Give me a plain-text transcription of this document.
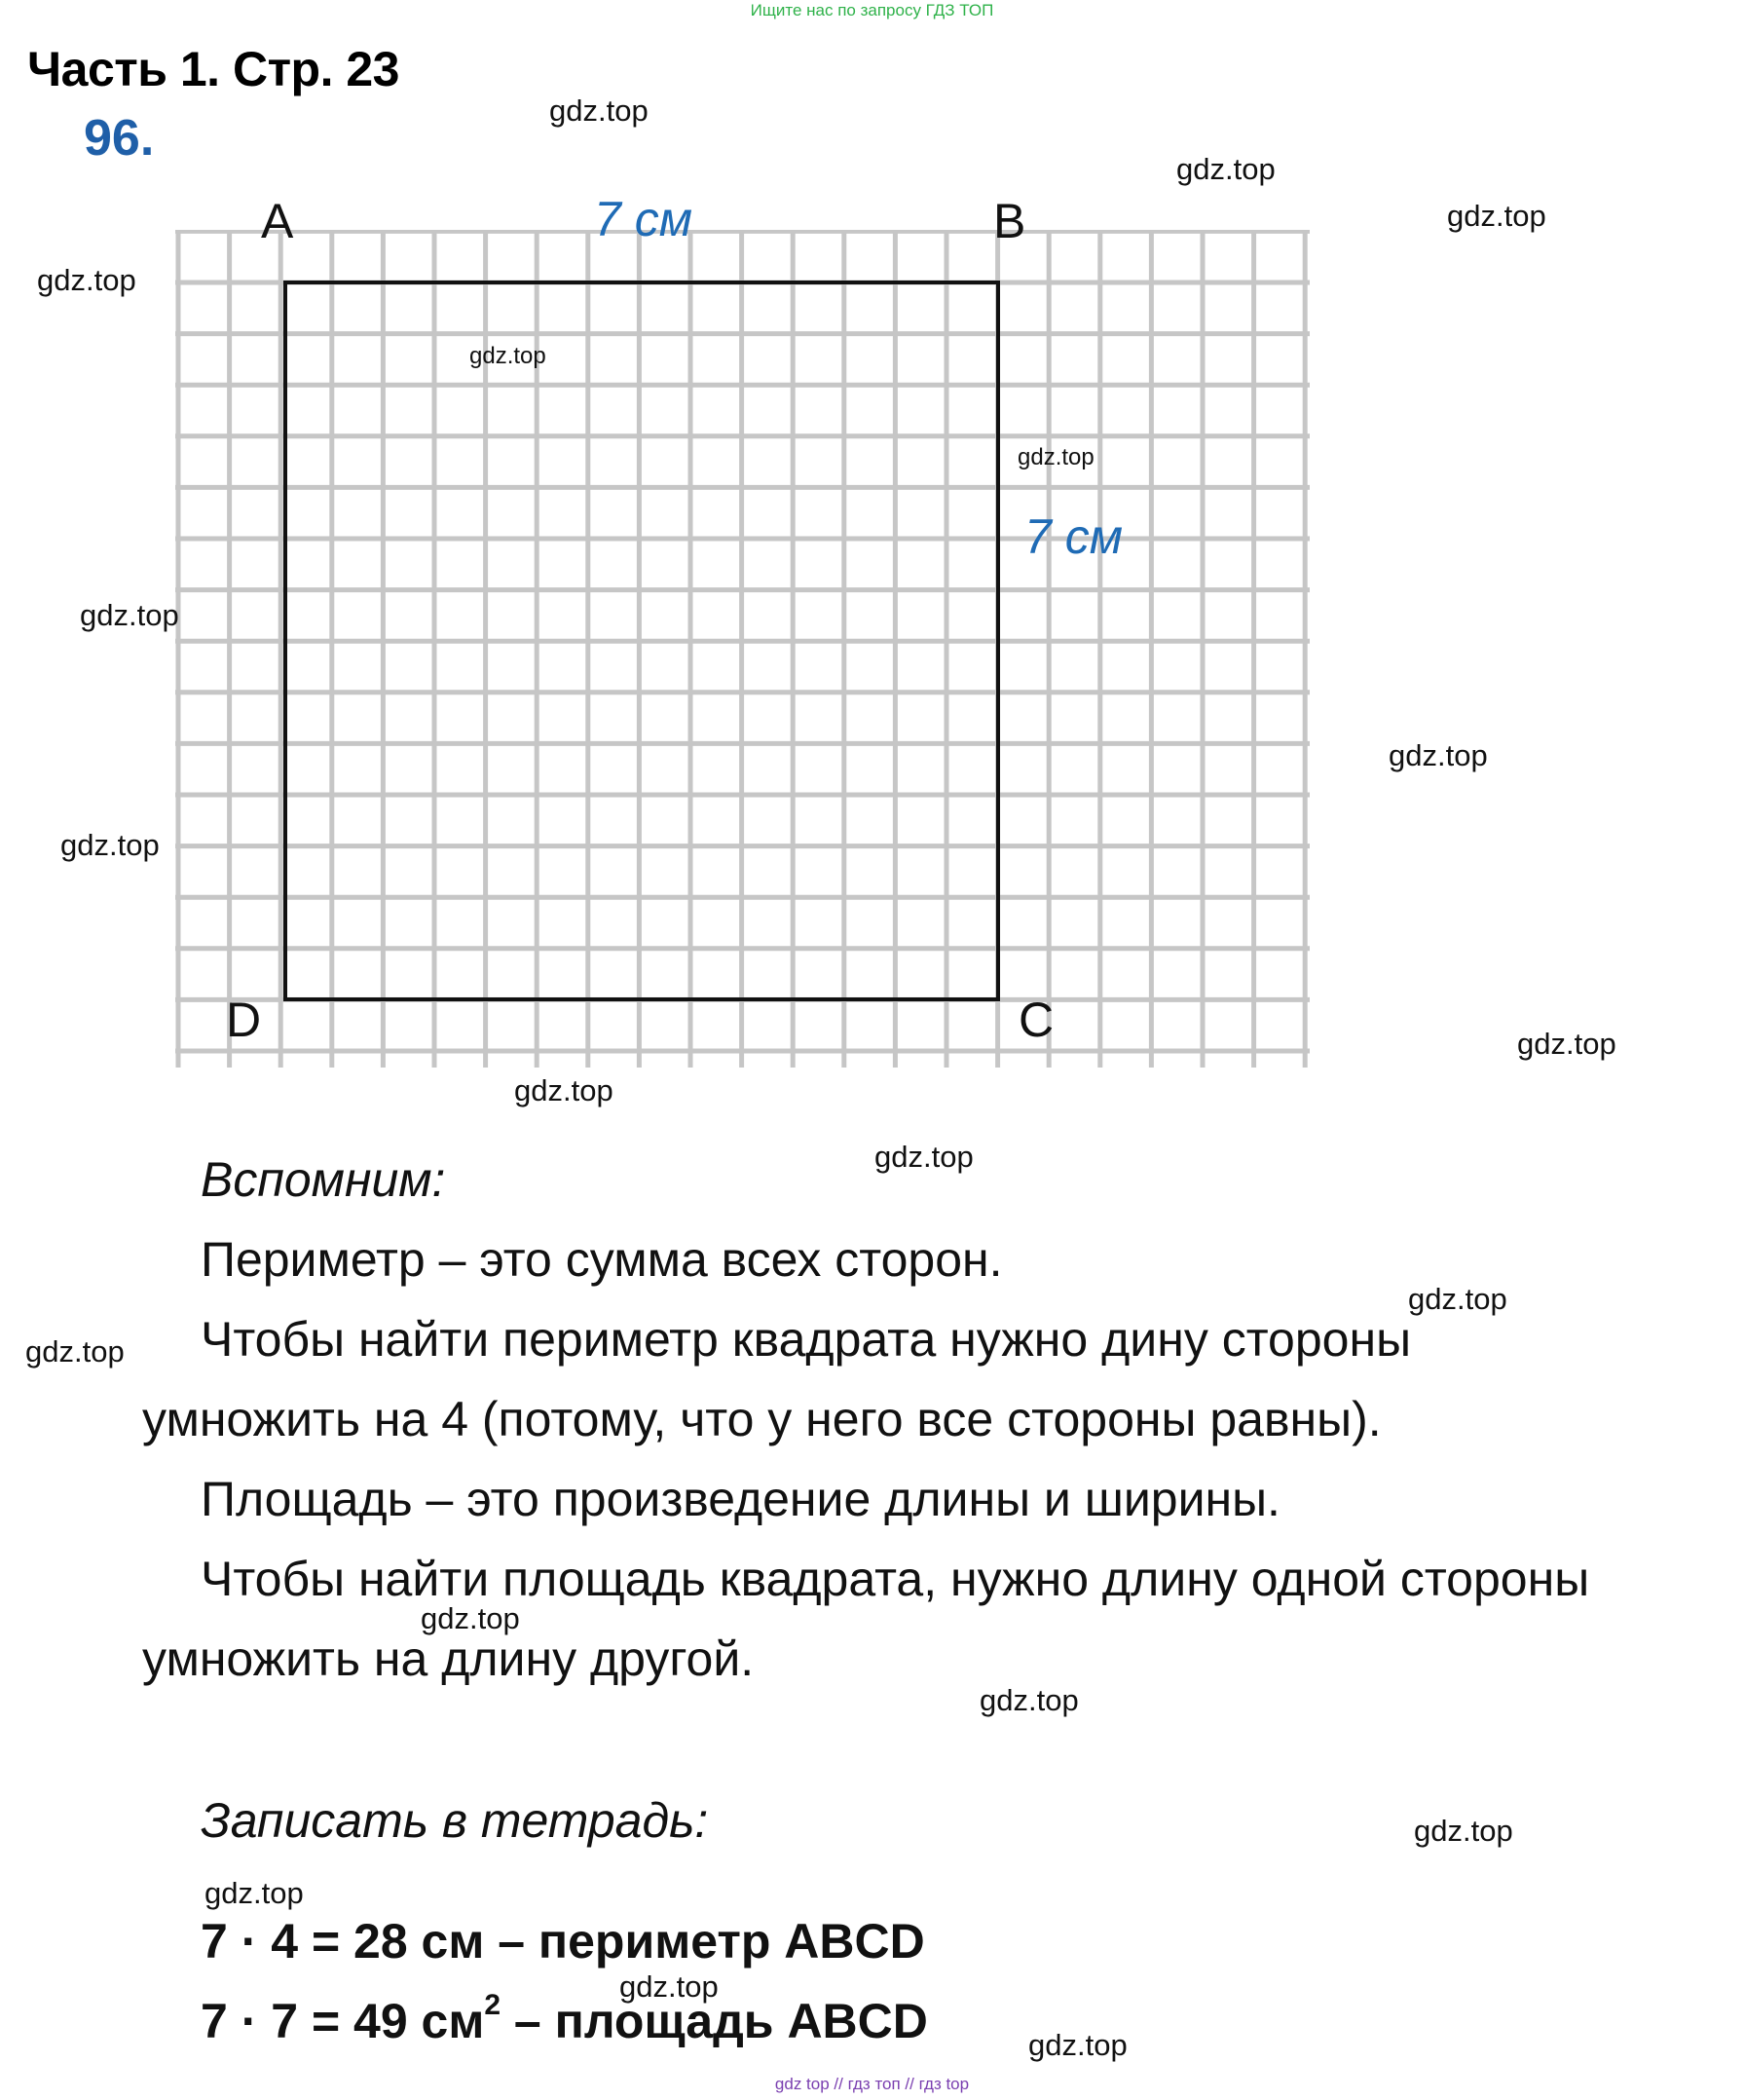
Ищите нас по запросу ГДЗ ТОП
Часть 1. Стр. 23
96.
A	B
C
D
7 см
7 см
gdz.top
gdz.top
gdz.top
gdz.top
gdz.top
gdz.top
gdz.top
gdz.top
gdz.top
gdz.top
gdz.top
gdz.top
gdz.top
gdz.top
gdz.top
gdz.top
gdz.top
gdz.top
gdz.top
gdz.top
Вспомним:
Периметр – это сумма всех сторон.
Чтобы найти периметр квадрата нужно дину стороны
умножить на 4 (потому, что у него все стороны равны).
Площадь – это произведение длины и ширины.
Чтобы найти площадь квадрата, нужно длину одной стороны
умножить на длину другой.
Записать в тетрадь:
7 · 4 = 28 см – периметр ABCD
7 · 7 = 49 $см^2$ – площадь ABCD
gdz top // гдз топ // гдз top
